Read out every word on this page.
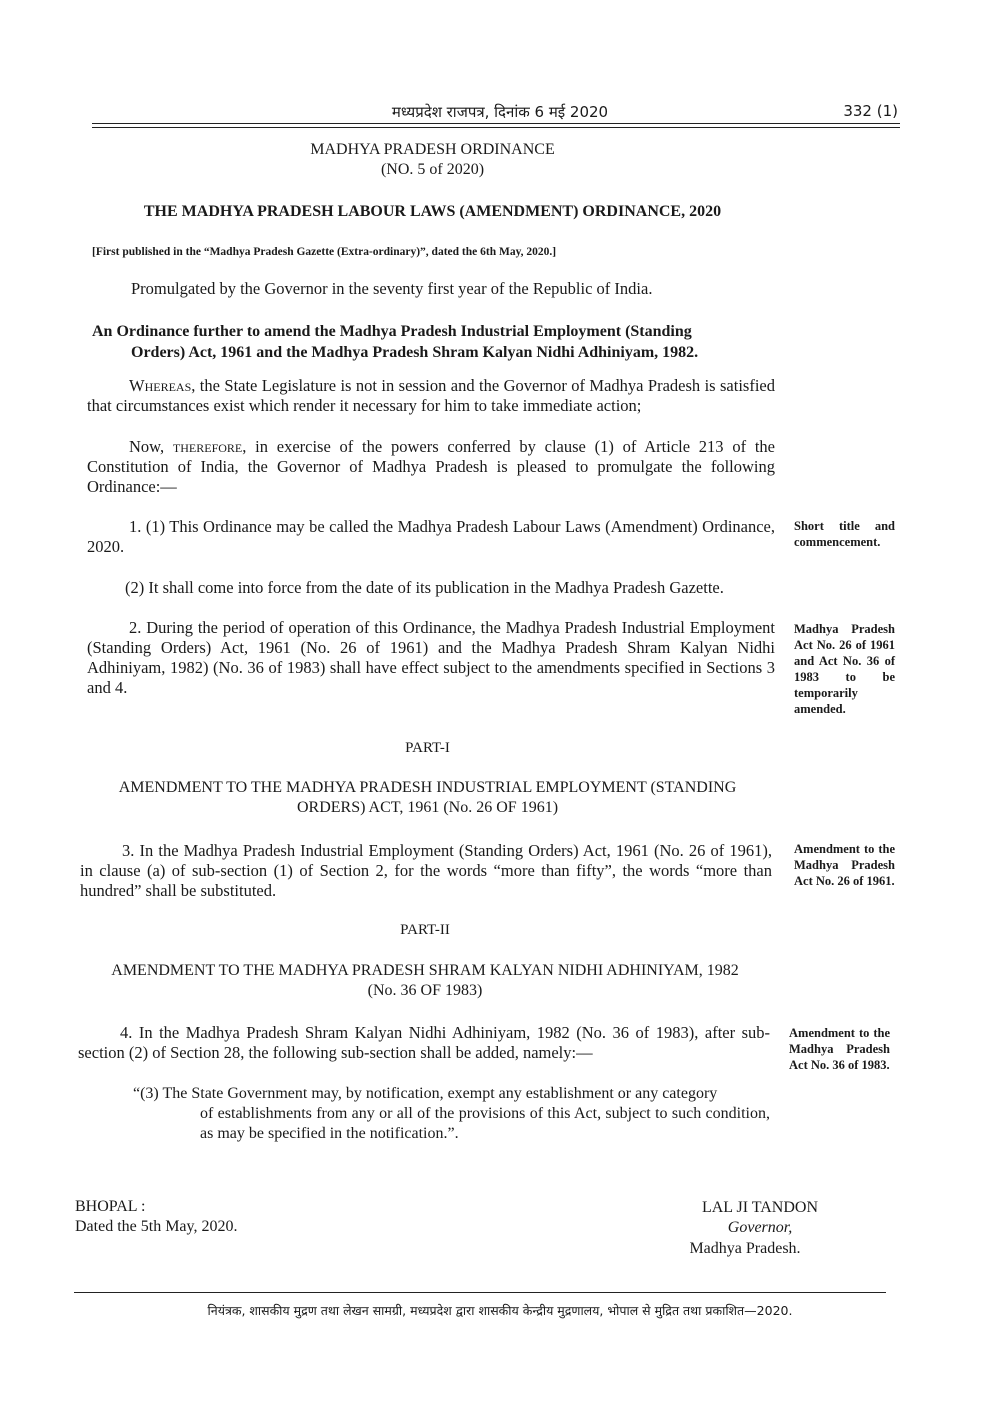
मध्यप्रदेश राजपत्र, दिनांक 6 मई 2020	332 (1)
MADHYA PRADESH ORDINANCE
(NO. 5 of 2020)
THE MADHYA PRADESH LABOUR LAWS (AMENDMENT) ORDINANCE, 2020
[First published in the “Madhya Pradesh Gazette (Extra-ordinary)”, dated the 6th May, 2020.]
Promulgated by the Governor in the seventy first year of the Republic of India.
An Ordinance further to amend the Madhya Pradesh Industrial Employment (Standing
Orders) Act, 1961 and the Madhya Pradesh Shram Kalyan Nidhi Adhiniyam, 1982.
Whereas, the State Legislature is not in session and the Governor of Madhya Pradesh is satisfied that circumstances exist which render it necessary for him to take immediate action;
Now, therefore, in exercise of the powers conferred by clause (1) of Article 213 of the Constitution of India, the Governor of Madhya Pradesh is pleased to promulgate the following Ordinance:—
1. (1) This Ordinance may be called the Madhya Pradesh Labour Laws (Amendment) Ordinance, 2020.
Short title and commencement.
(2) It shall come into force from the date of its publication in the Madhya Pradesh Gazette.
2. During the period of operation of this Ordinance, the Madhya Pradesh Industrial Employment (Standing Orders) Act, 1961 (No. 26 of 1961) and the Madhya Pradesh Shram Kalyan Nidhi Adhiniyam, 1982) (No. 36 of 1983) shall have effect subject to the amendments specified in Sections 3 and 4.
Madhya Pradesh Act No. 26 of 1961 and Act No. 36 of 1983 to be temporarily amended.
PART-I
AMENDMENT TO THE MADHYA PRADESH INDUSTRIAL EMPLOYMENT (STANDING
ORDERS) ACT, 1961 (No. 26 OF 1961)
3. In the Madhya Pradesh Industrial Employment (Standing Orders) Act, 1961 (No. 26 of 1961), in clause (a) of sub-section (1) of Section 2, for the words “more than fifty”, the words “more than hundred” shall be substituted.
Amendment to the Madhya Pradesh Act No. 26 of 1961.
PART-II
AMENDMENT TO THE MADHYA PRADESH SHRAM KALYAN NIDHI ADHINIYAM, 1982
(No. 36 OF 1983)
4. In the Madhya Pradesh Shram Kalyan Nidhi Adhiniyam, 1982 (No. 36 of 1983), after sub-section (2) of Section 28, the following sub-section shall be added, namely:—
Amendment to the Madhya Pradesh Act No. 36 of 1983.
“(3) The State Government may, by notification, exempt any establishment or any category
of establishments from any or all of the provisions of this Act, subject to such condition, as may be specified in the notification.”.
BHOPAL :
Dated the 5th May, 2020.
LAL JI TANDON
Governor,
Madhya Pradesh.
नियंत्रक, शासकीय मुद्रण तथा लेखन सामग्री, मध्यप्रदेश द्वारा शासकीय केन्द्रीय मुद्रणालय, भोपाल से मुद्रित तथा प्रकाशित—2020.
